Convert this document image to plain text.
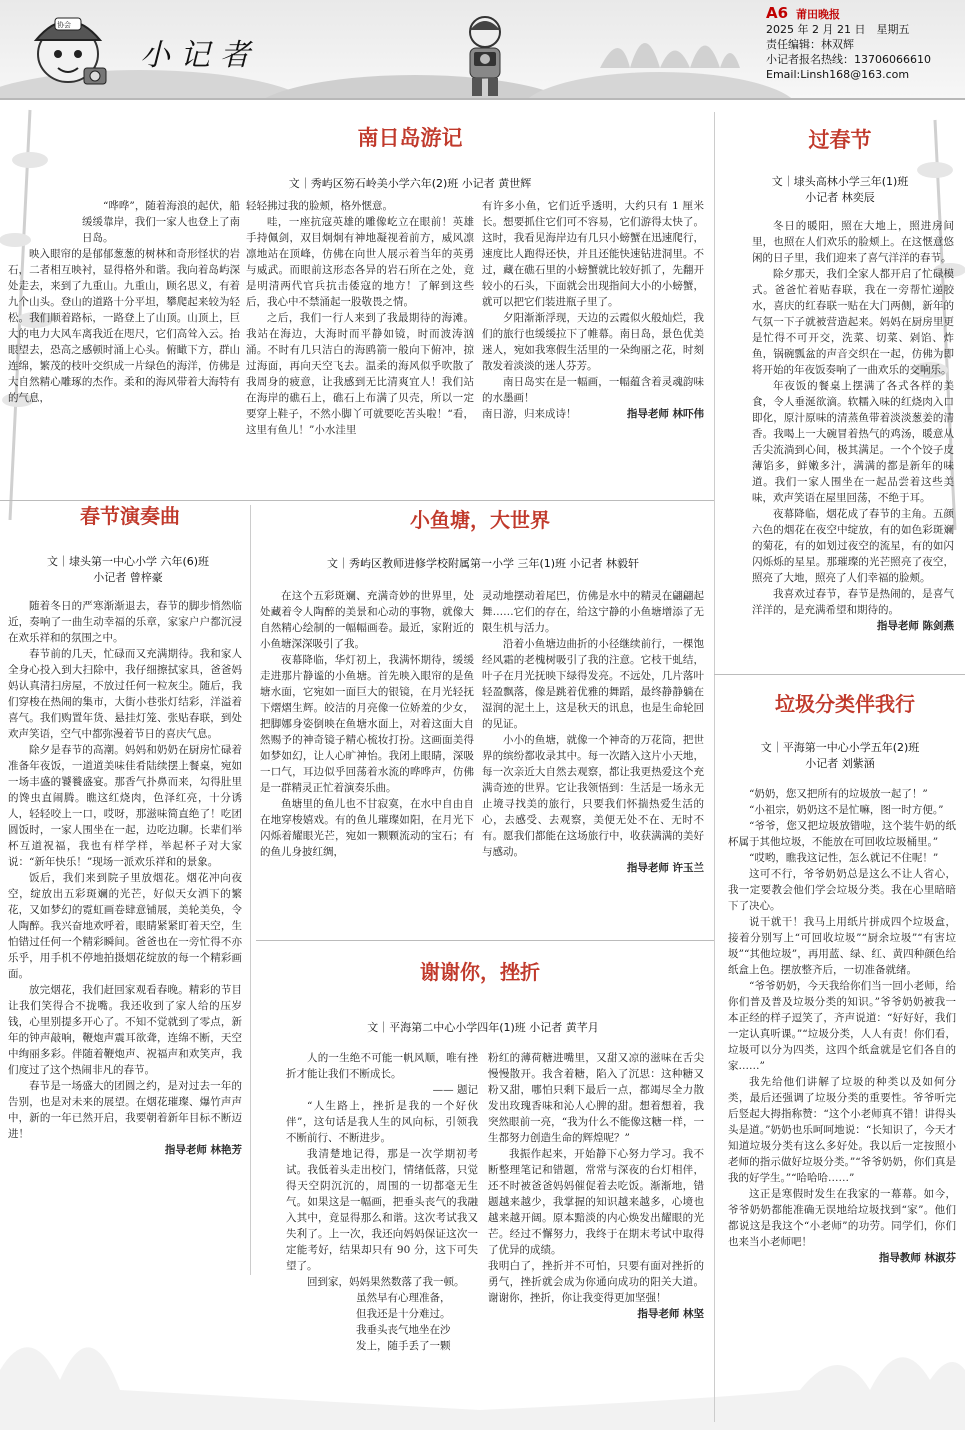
协会
小记者
A6 莆田晚报
2025 年 2 月 21 日　星期五
责任编辑：林双辉
小记者报名热线：13706066610
Email:Linsh168@163.com
南日岛游记
文｜秀屿区笏石岭美小学六年(2)班 小记者 黄世辉

“哗哗”，随着海浪的起伏，船缓缓靠岸，我们一家人也登上了南日岛。

映入眼帘的是郁郁葱葱的树林和奇形怪状的岩石，二者相互映衬，显得格外和谐。我向着岛屿深处走去，来到了九重山。九重山，顾名思义，有着九个山头。登山的道路十分平坦，攀爬起来较为轻松。我们顺着路标，一路登上了山顶。山顶上，巨大的电力大风车离我近在咫尺，它们高耸入云。抬眼望去，恐高之感顿时涌上心头。俯瞰下方，群山连绵，繁茂的枝叶交织成一片绿色的海洋，仿佛是大自然精心雕琢的杰作。柔和的海风带着大海特有的气息，

轻轻拂过我的脸颊，格外惬意。

哇，一座抗寇英雄的雕像屹立在眼前！英雄手持佩剑，双目炯炯有神地凝视着前方，威风凛凛地站在顶峰，仿佛在向世人展示着当年的英勇与威武。而眼前这形态各异的岩石所在之处，竟是明清两代官兵抗击倭寇的地方！了解到这些后，我心中不禁涌起一股敬畏之情。

之后，我们一行人来到了我最期待的海滩。我站在海边，大海时而平静如镜，时而波涛汹涌。不时有几只洁白的海鸥箭一般向下俯冲，掠过海面，再向天空飞去。温柔的海风似乎吹散了我周身的疲意，让我感到无比清爽宜人！我们站在海岸的礁石上，礁石上布满了贝壳，所以一定要穿上鞋子，不然小脚丫可就要吃苦头啦！“看，这里有鱼儿！”小水洼里

有许多小鱼，它们近乎透明，大约只有 1 厘米长。想要抓住它们可不容易，它们游得太快了。这时，我看见海岸边有几只小螃蟹在迅速爬行，速度比人跑得还快，并且还能快速钻进洞里。不过，藏在礁石里的小螃蟹就比较好抓了，先翻开较小的石头，下面就会出现指间大小的小螃蟹，就可以把它们装进瓶子里了。

夕阳渐渐浮现，天边的云霞似火般灿烂，我们的旅行也缓缓拉下了帷幕。南日岛，景色优美迷人，宛如我寒假生活里的一朵绚丽之花，时刻散发着淡淡的迷人芬芳。

南日岛实在是一幅画，一幅蕴含着灵魂韵味的水墨画！

南日游，归来成诗！	指导老师 林吓伟
过春节
文｜埭头高林小学三年(1)班
小记者 林奕辰

冬日的暖阳，照在大地上，照进房间里，也照在人们欢乐的脸颊上。在这惬意悠闲的日子里，我们迎来了喜气洋洋的春节。

除夕那天，我们全家人都开启了忙碌模式。爸爸忙着贴春联，我在一旁帮忙递胶水，喜庆的红春联一贴在大门两侧，新年的气氛一下子就被营造起来。妈妈在厨房里更是忙得不可开交，洗菜、切菜、剁馅、炸鱼，锅碗瓢盆的声音交织在一起，仿佛为即将开始的年夜饭奏响了一曲欢乐的交响乐。

年夜饭的餐桌上摆满了各式各样的美食，令人垂涎欲滴。软糯入味的红烧肉入口即化，原汁原味的清蒸鱼带着淡淡葱姜的清香。我喝上一大碗冒着热气的鸡汤，暖意从舌尖流淌到心间，极其满足。一个个饺子皮薄馅多，鲜嫩多汁，满满的都是新年的味道。我们一家人围坐在一起品尝着这些美味，欢声笑语在屋里回荡，不绝于耳。

夜幕降临，烟花成了春节的主角。五颜六色的烟花在夜空中绽放，有的如色彩斑斓的菊花，有的如划过夜空的流星，有的如闪闪烁烁的星星。那璀璨的光芒照亮了夜空，照亮了大地，照亮了人们幸福的脸颊。

我喜欢过春节，春节是热闹的，是喜气洋洋的，是充满希望和期待的。

指导老师 陈剑燕
春节演奏曲
文｜埭头第一中心小学 六年(6)班
小记者 曾梓豪

随着冬日的严寒渐渐退去，春节的脚步悄然临近，奏响了一曲生动幸福的乐章，家家户户都沉浸在欢乐祥和的氛围之中。

春节前的几天，忙碌而又充满期待。我和家人全身心投入到大扫除中，我仔细擦拭家具，爸爸妈妈认真清扫房屋，不放过任何一粒灰尘。随后，我们穿梭在热闹的集市，大街小巷张灯结彩，洋溢着喜气。我们购置年货、悬挂灯笼、张贴春联，到处欢声笑语，空气中都弥漫着节日的喜庆气息。

除夕是春节的高潮。妈妈和奶奶在厨房忙碌着准备年夜饭，一道道美味佳肴陆续摆上餐桌，宛如一场丰盛的饕餮盛宴。那香气扑鼻而来，勾得肚里的馋虫直闹腾。瞧这红烧肉，色泽红亮，十分诱人，轻轻咬上一口，哎呀，那滋味简直绝了！吃团圆饭时，一家人围坐在一起，边吃边聊。长辈们举杯互道祝福，我也有样学样，举起杯子对大家说：“新年快乐！”现场一派欢乐祥和的景象。

饭后，我们来到院子里放烟花。烟花冲向夜空，绽放出五彩斑斓的光芒，好似天女洒下的繁花，又如梦幻的霓虹画卷肆意铺展，美轮美奂，令人陶醉。我兴奋地欢呼着，眼睛紧紧盯着天空，生怕错过任何一个精彩瞬间。爸爸也在一旁忙得不亦乐乎，用手机不停地拍摄烟花绽放的每一个精彩画面。

放完烟花，我们赶回家观看春晚。精彩的节目让我们笑得合不拢嘴。我还收到了家人给的压岁钱，心里别提多开心了。不知不觉就到了零点，新年的钟声敲响，鞭炮声震耳欲聋，连绵不断，天空中绚丽多彩。伴随着鞭炮声、祝福声和欢笑声，我们度过了这个热闹非凡的春节。

春节是一场盛大的团圆之约，是对过去一年的告别，也是对未来的展望。在烟花璀璨、爆竹声声中，新的一年已然开启，我要朝着新年目标不断迈进！

指导老师 林艳芳
小鱼塘，大世界
文｜秀屿区教师进修学校附属第一小学 三年(1)班 小记者 林毅轩

在这个五彩斑斓、充满奇妙的世界里，处处藏着令人陶醉的美景和心动的事物，就像大自然精心绘制的一幅幅画卷。最近，家附近的小鱼塘深深吸引了我。

夜幕降临，华灯初上，我满怀期待，缓缓走进那片静谧的小鱼塘。首先映入眼帘的是鱼塘水面，它宛如一面巨大的银镜，在月光轻抚下熠熠生辉。皎洁的月亮像一位娇羞的少女，把脚娜身姿倒映在鱼塘水面上，对着这面大自然赐予的神奇镜子精心梳妆打扮。这画面美得如梦如幻，让人心旷神怡。我闭上眼睛，深吸一口气，耳边似乎回荡着水流的哗哗声，仿佛是一群精灵正忙着演奏乐曲。

鱼塘里的鱼儿也不甘寂寞，在水中自由自在地穿梭嬉戏。有的鱼儿璀璨如阳，在月光下闪烁着耀眼光芒，宛如一颗颗流动的宝石；有的鱼儿身披红绸，

灵动地摆动着尾巴，仿佛是水中的精灵在翩翩起舞……它们的存在，给这宁静的小鱼塘增添了无限生机与活力。

沿着小鱼塘边曲折的小径继续前行，一棵饱经风霜的老槐树吸引了我的注意。它枝干虬结，叶子在月光抚映下绿得发亮。不远处，几片落叶轻盈飘落，像是跳着优雅的舞蹈，最终静静躺在湿润的泥土上，这是秋天的讯息，也是生命轮回的见证。

小小的鱼塘，就像一个神奇的万花筒，把世界的缤纷都收录其中。每一次踏入这片小天地，每一次亲近大自然去观察，都让我更热爱这个充满奇迹的世界。它让我领悟到：生活是一场永无止境寻找美的旅行，只要我们怀揣热爱生活的心，去感受、去观察，美便无处不在、无时不有。愿我们都能在这场旅行中，收获满满的美好与感动。

指导老师 许玉兰
谢谢你，挫折
文｜平海第二中心小学四年(1)班 小记者 黄芊月

人的一生绝不可能一帆风顺，唯有挫折才能让我们不断成长。

—— 题记

“人生路上，挫折是我的一个好伙伴”，这句话是我人生的风向标，引领我不断前行、不断进步。

我清楚地记得，那是一次学期初考试。我低着头走出校门，情绪低落，只觉得天空阴沉沉的，周围的一切都毫无生气。如果这是一幅画，把垂头丧气的我融入其中，竟显得那么和谐。这次考试我又失利了。上一次，我还向妈妈保证这次一定能考好，结果却只有 90 分，这下可失望了。

回到家，妈妈果然数落了我一顿。

虽然早有心理准备，
但我还是十分难过。
我垂头丧气地坐在沙
发上，随手丢了一颗

粉红的薄荷糖进嘴里，又甜又凉的滋味在舌尖慢慢散开。我含着糖，陷入了沉思：这种糖又粉又甜，哪怕只剩下最后一点，都竭尽全力散发出玫瑰香味和沁人心脾的甜。想着想着，我突然眼前一亮，“我为什么不能像这糖一样，一生都努力创造生命的辉煌呢？”

我振作起来，开始静下心努力学习。我不断整理笔记和错题，常常与深夜的台灯相伴，还不时被爸爸妈妈催促着去吃饭。渐渐地，错题越来越少，我掌握的知识越来越多，心境也越来越开阔。原本黯淡的内心焕发出耀眼的光芒。经过不懈努力，我终于在期末考试中取得了优异的成绩。

我明白了，挫折并不可怕，只要有面对挫折的勇气，挫折就会成为你通向成功的阳关大道。谢谢你，挫折，你让我变得更加坚强！

指导老师 林坚
垃圾分类伴我行
文｜平海第一中心小学五年(2)班
小记者 刘紫涵

“奶奶，您又把所有的垃圾放一起了！”

“小祖宗，奶奶这不是忙嘛，图一时方便。”

“爷爷，您又把垃圾放错啦，这个装牛奶的纸杯属于其他垃圾，不能放在可回收垃圾桶里。”

“哎哟，瞧我这记性，怎么就记不住呢！”

这可不行，爷爷奶奶总是这么不让人省心，我一定要教会他们学会垃圾分类。我在心里暗暗下了决心。

说干就干！我马上用纸片拼成四个垃圾盒，接着分别写上“可回收垃圾”“厨余垃圾”“有害垃圾”“其他垃圾”，再用蓝、绿、红、黄四种颜色给纸盒上色。摆放整齐后，一切准备就绪。

“爷爷奶奶，今天我给你们当一回小老师，给你们普及普及垃圾分类的知识。”爷爷奶奶被我一本正经的样子逗笑了，齐声说道：“好好好，我们一定认真听课。”“垃圾分类，人人有责！你们看，垃圾可以分为四类，这四个纸盒就是它们各自的家……”

我先给他们讲解了垃圾的种类以及如何分类，最后还强调了垃圾分类的重要性。爷爷听完后竖起大拇指称赞：“这个小老师真不错！讲得头头是道。”奶奶也乐呵呵地说：“长知识了，今天才知道垃圾分类有这么多好处。我以后一定按照小老师的指示做好垃圾分类。”“爷爷奶奶，你们真是我的好学生。”“哈哈哈……”

这正是寒假时发生在我家的一幕幕。如今，爷爷奶奶都能准确无误地给垃圾找到“家”。他们都说这是我这个“小老师”的功劳。同学们，你们也来当小老师吧！

指导教师 林淑芬
